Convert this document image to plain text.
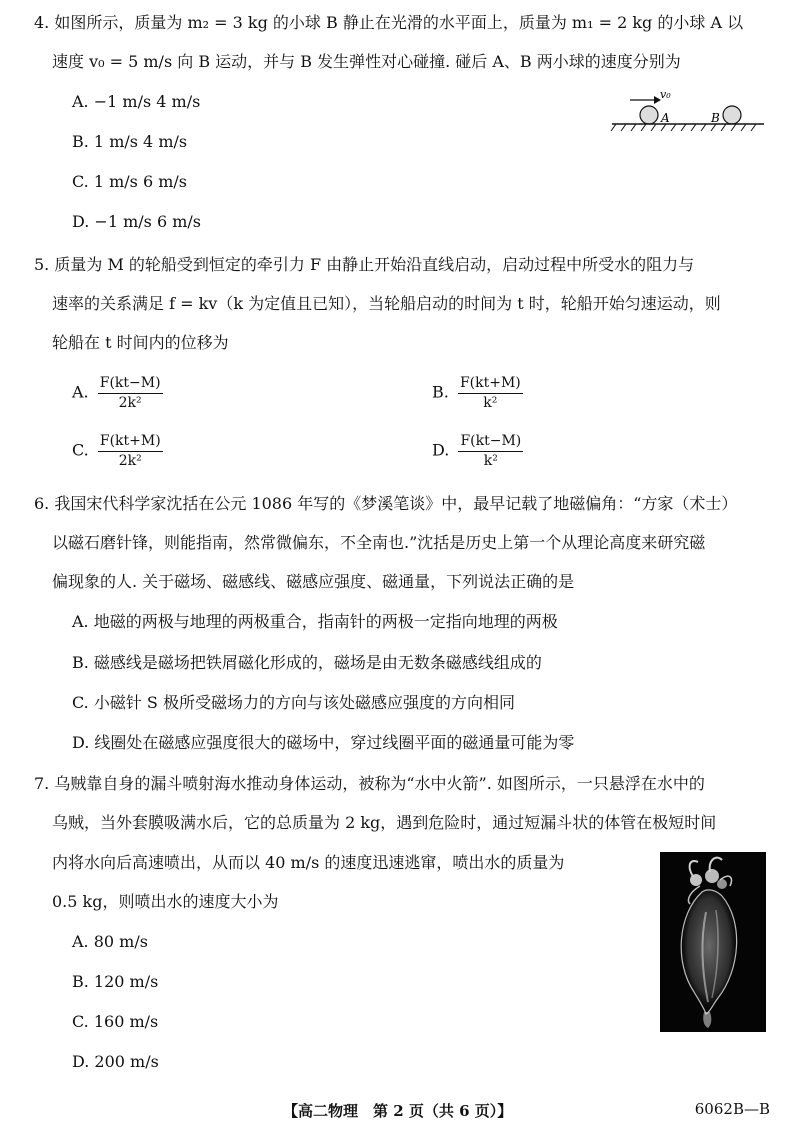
4. 如图所示，质量为 m₂ = 3 kg 的小球 B 静止在光滑的水平面上，质量为 m₁ = 2 kg 的小球 A 以
速度 v₀ = 5 m/s 向 B 运动，并与 B 发生弹性对心碰撞. 碰后 A、B 两小球的速度分别为
A. −1 m/s 4 m/s
B. 1 m/s 4 m/s
C. 1 m/s 6 m/s
D. −1 m/s 6 m/s
v₀
A	B
5. 质量为 M 的轮船受到恒定的牵引力 F 由静止开始沿直线启动，启动过程中所受水的阻力与
速率的关系满足 f = kv（k 为定值且已知），当轮船启动的时间为 t 时，轮船开始匀速运动，则
轮船在 t 时间内的位移为
A. $\frac{F(kt-M)}{\text{2k²}}$	B. $\frac{F(kt+M)}{\text{k²}}$
C. $\frac{F(kt+M)}{\text{2k²}}$	D. $\frac{F(kt-M)}{\text{k²}}$
6. 我国宋代科学家沈括在公元 1086 年写的《梦溪笔谈》中，最早记载了地磁偏角：“方家（术士）
以磁石磨针锋，则能指南，然常微偏东，不全南也.”沈括是历史上第一个从理论高度来研究磁
偏现象的人. 关于磁场、磁感线、磁感应强度、磁通量，下列说法正确的是
A. 地磁的两极与地理的两极重合，指南针的两极一定指向地理的两极
B. 磁感线是磁场把铁屑磁化形成的，磁场是由无数条磁感线组成的
C. 小磁针 S 极所受磁场力的方向与该处磁感应强度的方向相同
D. 线圈处在磁感应强度很大的磁场中，穿过线圈平面的磁通量可能为零
7. 乌贼靠自身的漏斗喷射海水推动身体运动，被称为“水中火箭”. 如图所示，一只悬浮在水中的
乌贼，当外套膜吸满水后，它的总质量为 2 kg，遇到危险时，通过短漏斗状的体管在极短时间
内将水向后高速喷出，从而以 40 m/s 的速度迅速逃窜，喷出水的质量为
0.5 kg，则喷出水的速度大小为
A. 80 m/s
B. 120 m/s
C. 160 m/s
D. 200 m/s
【高二物理　第 2 页（共 6 页）】	6062B—B
